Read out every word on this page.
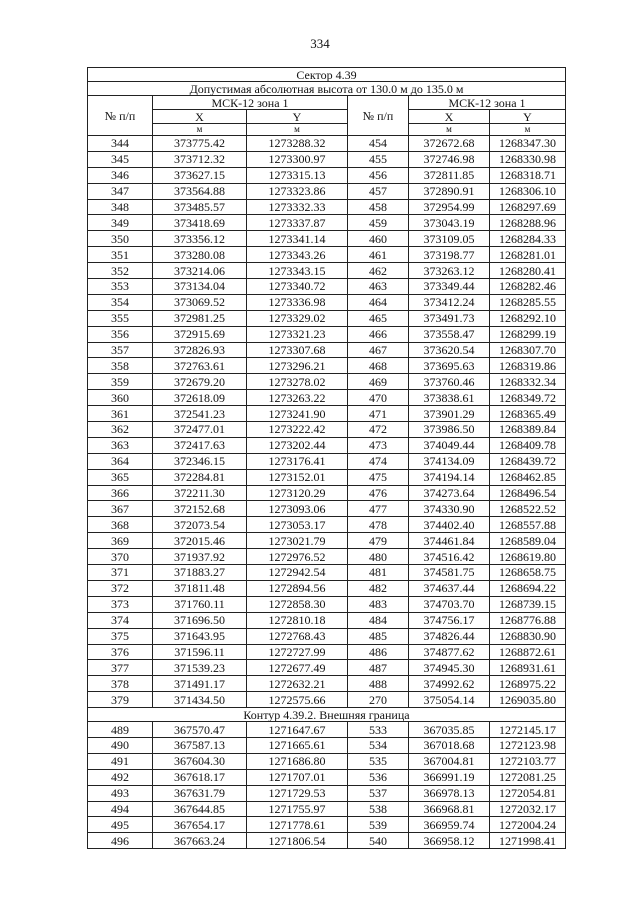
334
Сектор 4.39					
Допустимая абсолютная высота от 130.0 м до 135.0 м					
№ п/п	МСК-12 зона 1		№ п/п	МСК-12 зона 1	
	X	Y		X	Y
	м	м		м	м
344	373775.42	1273288.32	454	372672.68	1268347.30
345	373712.32	1273300.97	455	372746.98	1268330.98
346	373627.15	1273315.13	456	372811.85	1268318.71
347	373564.88	1273323.86	457	372890.91	1268306.10
348	373485.57	1273332.33	458	372954.99	1268297.69
349	373418.69	1273337.87	459	373043.19	1268288.96
350	373356.12	1273341.14	460	373109.05	1268284.33
351	373280.08	1273343.26	461	373198.77	1268281.01
352	373214.06	1273343.15	462	373263.12	1268280.41
353	373134.04	1273340.72	463	373349.44	1268282.46
354	373069.52	1273336.98	464	373412.24	1268285.55
355	372981.25	1273329.02	465	373491.73	1268292.10
356	372915.69	1273321.23	466	373558.47	1268299.19
357	372826.93	1273307.68	467	373620.54	1268307.70
358	372763.61	1273296.21	468	373695.63	1268319.86
359	372679.20	1273278.02	469	373760.46	1268332.34
360	372618.09	1273263.22	470	373838.61	1268349.72
361	372541.23	1273241.90	471	373901.29	1268365.49
362	372477.01	1273222.42	472	373986.50	1268389.84
363	372417.63	1273202.44	473	374049.44	1268409.78
364	372346.15	1273176.41	474	374134.09	1268439.72
365	372284.81	1273152.01	475	374194.14	1268462.85
366	372211.30	1273120.29	476	374273.64	1268496.54
367	372152.68	1273093.06	477	374330.90	1268522.52
368	372073.54	1273053.17	478	374402.40	1268557.88
369	372015.46	1273021.79	479	374461.84	1268589.04
370	371937.92	1272976.52	480	374516.42	1268619.80
371	371883.27	1272942.54	481	374581.75	1268658.75
372	371811.48	1272894.56	482	374637.44	1268694.22
373	371760.11	1272858.30	483	374703.70	1268739.15
374	371696.50	1272810.18	484	374756.17	1268776.88
375	371643.95	1272768.43	485	374826.44	1268830.90
376	371596.11	1272727.99	486	374877.62	1268872.61
377	371539.23	1272677.49	487	374945.30	1268931.61
378	371491.17	1272632.21	488	374992.62	1268975.22
379	371434.50	1272575.66	270	375054.14	1269035.80
Контур 4.39.2. Внешняя граница					
489	367570.47	1271647.67	533	367035.85	1272145.17
490	367587.13	1271665.61	534	367018.68	1272123.98
491	367604.30	1271686.80	535	367004.81	1272103.77
492	367618.17	1271707.01	536	366991.19	1272081.25
493	367631.79	1271729.53	537	366978.13	1272054.81
494	367644.85	1271755.97	538	366968.81	1272032.17
495	367654.17	1271778.61	539	366959.74	1272004.24
496	367663.24	1271806.54	540	366958.12	1271998.41
